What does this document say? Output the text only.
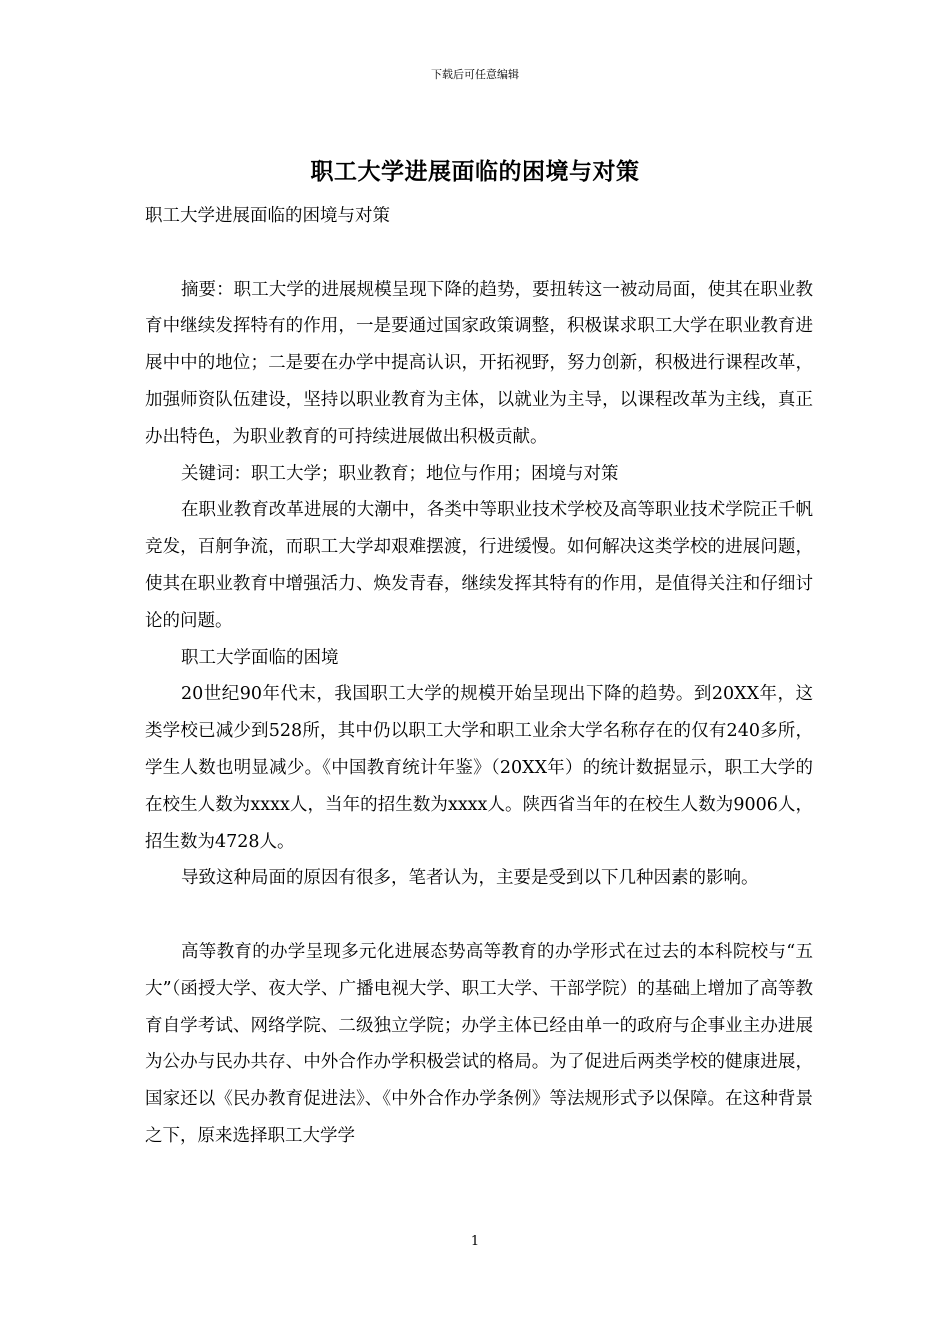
下载后可任意编辑
职工大学进展面临的困境与对策

职工大学进展面临的困境与对策

摘要：职工大学的进展规模呈现下降的趋势，要扭转这一被动局面，使其在职业教育中继续发挥特有的作用，一是要通过国家政策调整，积极谋求职工大学在职业教育进展中中的地位；二是要在办学中提高认识，开拓视野，努力创新，积极进行课程改革，加强师资队伍建设，坚持以职业教育为主体，以就业为主导，以课程改革为主线，真正办出特色，为职业教育的可持续进展做出积极贡献。

关键词：职工大学；职业教育；地位与作用；困境与对策

在职业教育改革进展的大潮中，各类中等职业技术学校及高等职业技术学院正千帆竞发，百舸争流，而职工大学却艰难摆渡，行进缓慢。如何解决这类学校的进展问题，使其在职业教育中增强活力、焕发青春，继续发挥其特有的作用，是值得关注和仔细讨论的问题。

职工大学面临的困境

20世纪90年代末，我国职工大学的规模开始呈现出下降的趋势。到20XX年，这类学校已减少到528所，其中仍以职工大学和职工业余大学名称存在的仅有240多所，学生人数也明显减少。《中国教育统计年鉴》（20XX年）的统计数据显示，职工大学的在校生人数为xxxx人，当年的招生数为xxxx人。陕西省当年的在校生人数为9006人，招生数为4728人。

导致这种局面的原因有很多，笔者认为，主要是受到以下几种因素的影响。

高等教育的办学呈现多元化进展态势高等教育的办学形式在过去的本科院校与“五大”（函授大学、夜大学、广播电视大学、职工大学、干部学院）的基础上增加了高等教育自学考试、网络学院、二级独立学院；办学主体已经由单一的政府与企事业主办进展为公办与民办共存、中外合作办学积极尝试的格局。为了促进后两类学校的健康进展，国家还以《民办教育促进法》、《中外合作办学条例》等法规形式予以保障。在这种背景之下，原来选择职工大学学

1
